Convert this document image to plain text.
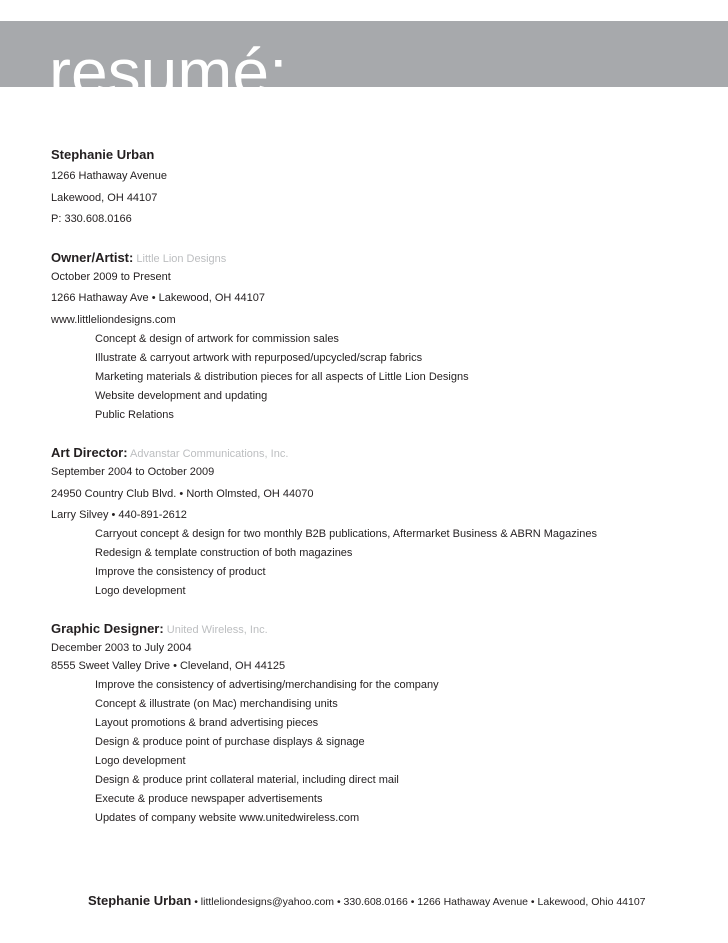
resumé:
Stephanie Urban
1266 Hathaway Avenue
Lakewood, OH 44107
P: 330.608.0166
Owner/Artist: Little Lion Designs
October 2009 to Present
1266 Hathaway Ave • Lakewood, OH 44107
www.littleliondesigns.com
Concept & design of artwork for commission sales
Illustrate & carryout artwork with repurposed/upcycled/scrap fabrics
Marketing materials & distribution pieces for all aspects of Little Lion Designs
Website development and updating
Public Relations
Art Director: Advanstar Communications, Inc.
September 2004 to October 2009
24950 Country Club Blvd. • North Olmsted, OH 44070
Larry Silvey • 440-891-2612
Carryout concept & design for two monthly B2B publications, Aftermarket Business & ABRN Magazines
Redesign & template construction of both magazines
Improve the consistency of product
Logo development
Graphic Designer: United Wireless, Inc.
December 2003 to July 2004
8555 Sweet Valley Drive • Cleveland, OH 44125
Improve the consistency of advertising/merchandising for the company
Concept & illustrate (on Mac) merchandising units
Layout promotions & brand advertising pieces
Design & produce point of purchase displays & signage
Logo development
Design & produce print collateral material, including direct mail
Execute & produce newspaper advertisements
Updates of company website www.unitedwireless.com
Stephanie Urban • littleliondesigns@yahoo.com • 330.608.0166 • 1266 Hathaway Avenue • Lakewood, Ohio 44107
